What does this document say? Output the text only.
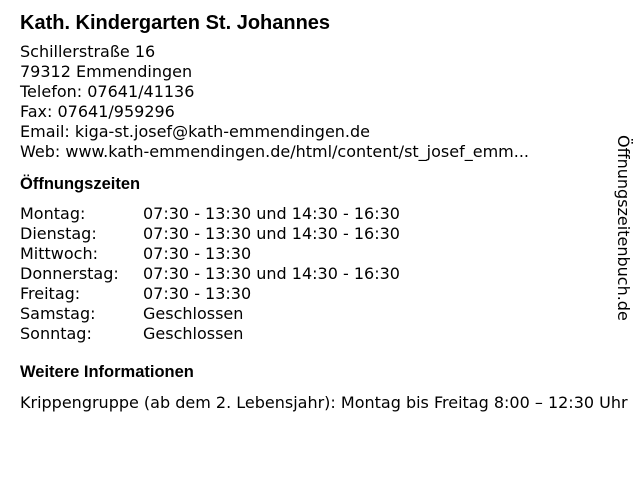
Kath. Kindergarten St. Johannes
Schillerstraße 16
79312 Emmendingen
Telefon: 07641/41136
Fax: 07641/959296
Email: kiga-st.josef@kath-emmendingen.de
Web: www.kath-emmendingen.de/html/content/st_josef_emm...
Öffnungszeiten
Montag:	07:30 - 13:30 und 14:30 - 16:30
Dienstag:	07:30 - 13:30 und 14:30 - 16:30
Mittwoch:	07:30 - 13:30
Donnerstag:	07:30 - 13:30 und 14:30 - 16:30
Freitag:	07:30 - 13:30
Samstag:	Geschlossen
Sonntag:	Geschlossen
Weitere Informationen
Krippengruppe (ab dem 2. Lebensjahr): Montag bis Freitag 8:00 – 12:30 Uhr
Öffnungszeitenbuch.de
